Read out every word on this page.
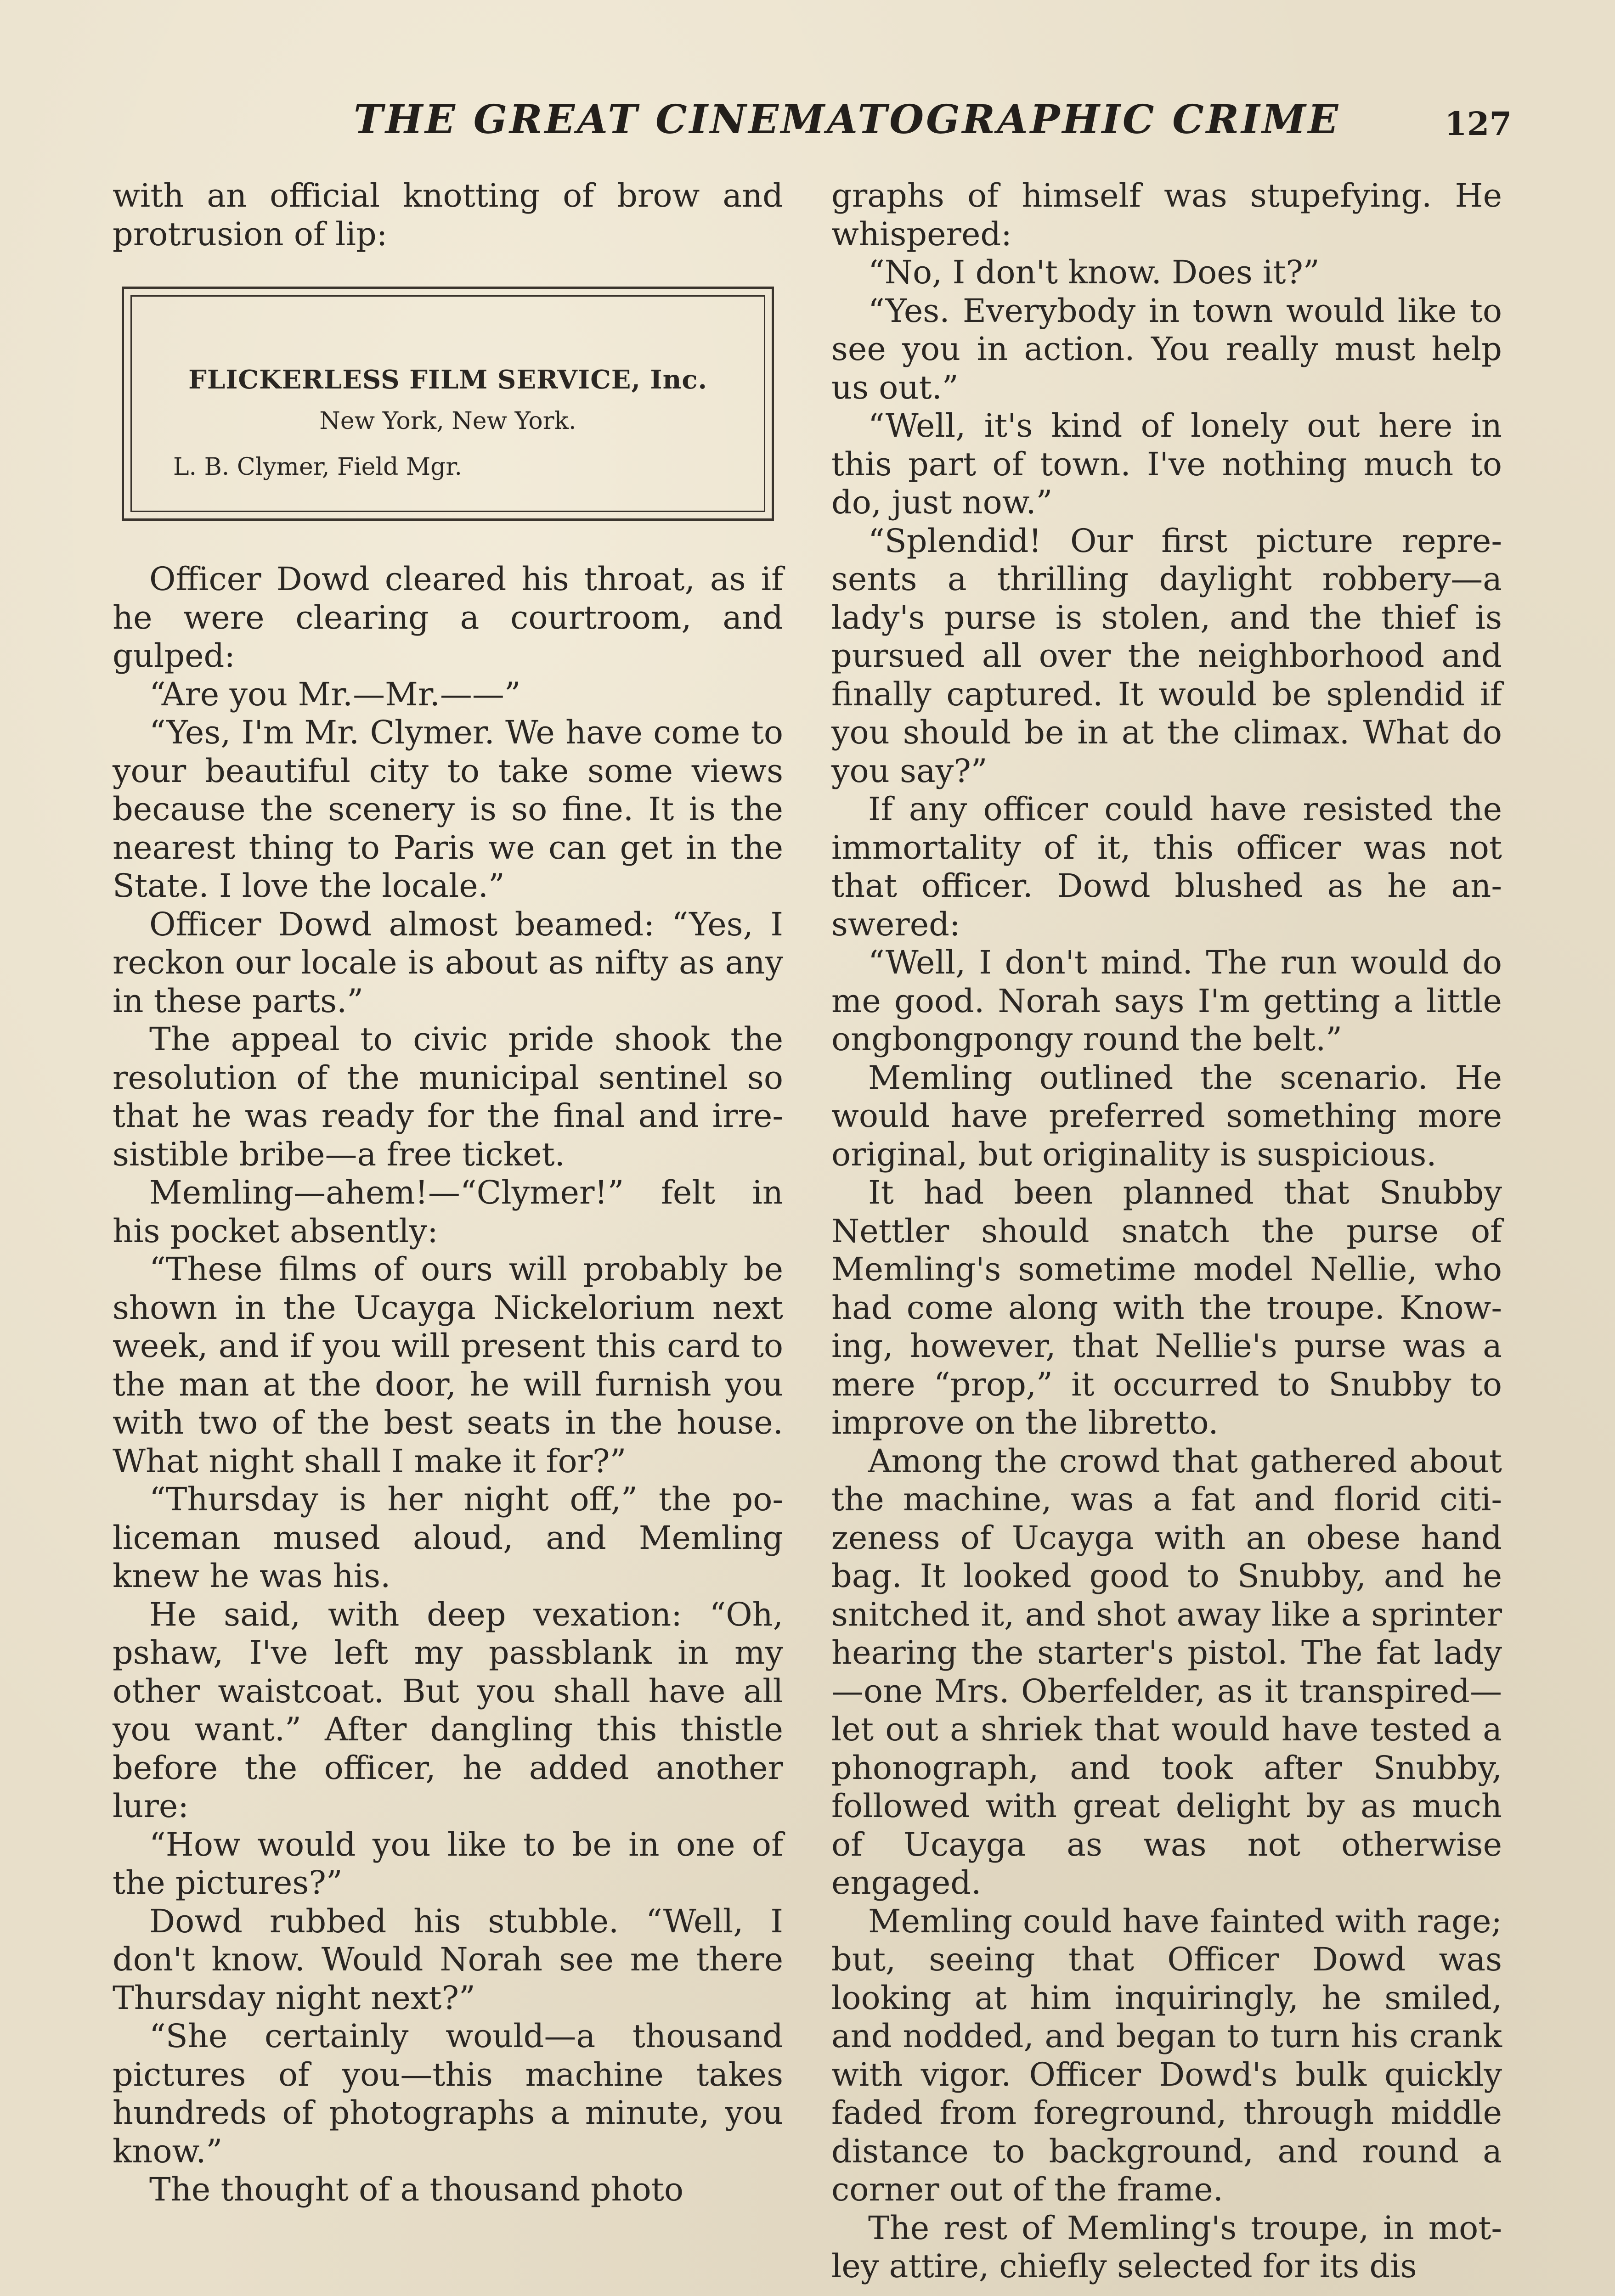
THE GREAT CINEMATOGRAPHIC CRIME	127

with an official knotting of brow and protrusion of lip:

FLICKERLESS FILM SERVICE, Inc.
New York, New York.
L. B. Clymer, Field Mgr.

Officer Dowd cleared his throat, as if he were clearing a courtroom, and gulped:

“Are you Mr.—Mr.——”

“Yes, I'm Mr. Clymer. We have come to your beautiful city to take some views because the scenery is so fine. It is the nearest thing to Paris we can get in the State. I love the locale.”

Officer Dowd almost beamed: “Yes, I reckon our locale is about as nifty as any in these parts.”

The appeal to civic pride shook the resolution of the municipal sentinel so that he was ready for the final and irresistible bribe—a free ticket.

Memling—ahem!—“Clymer!” felt in his pocket absently:

“These films of ours will probably be shown in the Ucayga Nickelorium next week, and if you will present this card to the man at the door, he will furnish you with two of the best seats in the house. What night shall I make it for?”

“Thursday is her night off,” the policeman mused aloud, and Memling knew he was his.

He said, with deep vexation: “Oh, pshaw, I've left my passblank in my other waistcoat. But you shall have all you want.” After dangling this thistle before the officer, he added another lure:

“How would you like to be in one of the pictures?”

Dowd rubbed his stubble. “Well, I don't know. Would Norah see me there Thursday night next?”

“She certainly would—a thousand pictures of you—this machine takes hundreds of photographs a minute, you know.”

The thought of a thousand photo

graphs of himself was stupefying. He whispered:

“No, I don't know. Does it?”

“Yes. Everybody in town would like to see you in action. You really must help us out.”

“Well, it's kind of lonely out here in this part of town. I've nothing much to do, just now.”

“Splendid! Our first picture represents a thrilling daylight robbery—a lady's purse is stolen, and the thief is pursued all over the neighborhood and finally captured. It would be splendid if you should be in at the climax. What do you say?”

If any officer could have resisted the immortality of it, this officer was not that officer. Dowd blushed as he answered:

“Well, I don't mind. The run would do me good. Norah says I'm getting a little ongbongpongy round the belt.”

Memling outlined the scenario. He would have preferred something more original, but originality is suspicious.

It had been planned that Snubby Nettler should snatch the purse of Memling's sometime model Nellie, who had come along with the troupe. Knowing, however, that Nellie's purse was a mere “prop,” it occurred to Snubby to improve on the libretto.

Among the crowd that gathered about the machine, was a fat and florid citizeness of Ucayga with an obese hand bag. It looked good to Snubby, and he snitched it, and shot away like a sprinter hearing the starter's pistol. The fat lady—one Mrs. Oberfelder, as it transpired—let out a shriek that would have tested a phonograph, and took after Snubby, followed with great delight by as much of Ucayga as was not otherwise engaged.

Memling could have fainted with rage; but, seeing that Officer Dowd was looking at him inquiringly, he smiled, and nodded, and began to turn his crank with vigor. Officer Dowd's bulk quickly faded from foreground, through middle distance to background, and round a corner out of the frame.

The rest of Memling's troupe, in motley attire, chiefly selected for its dis
